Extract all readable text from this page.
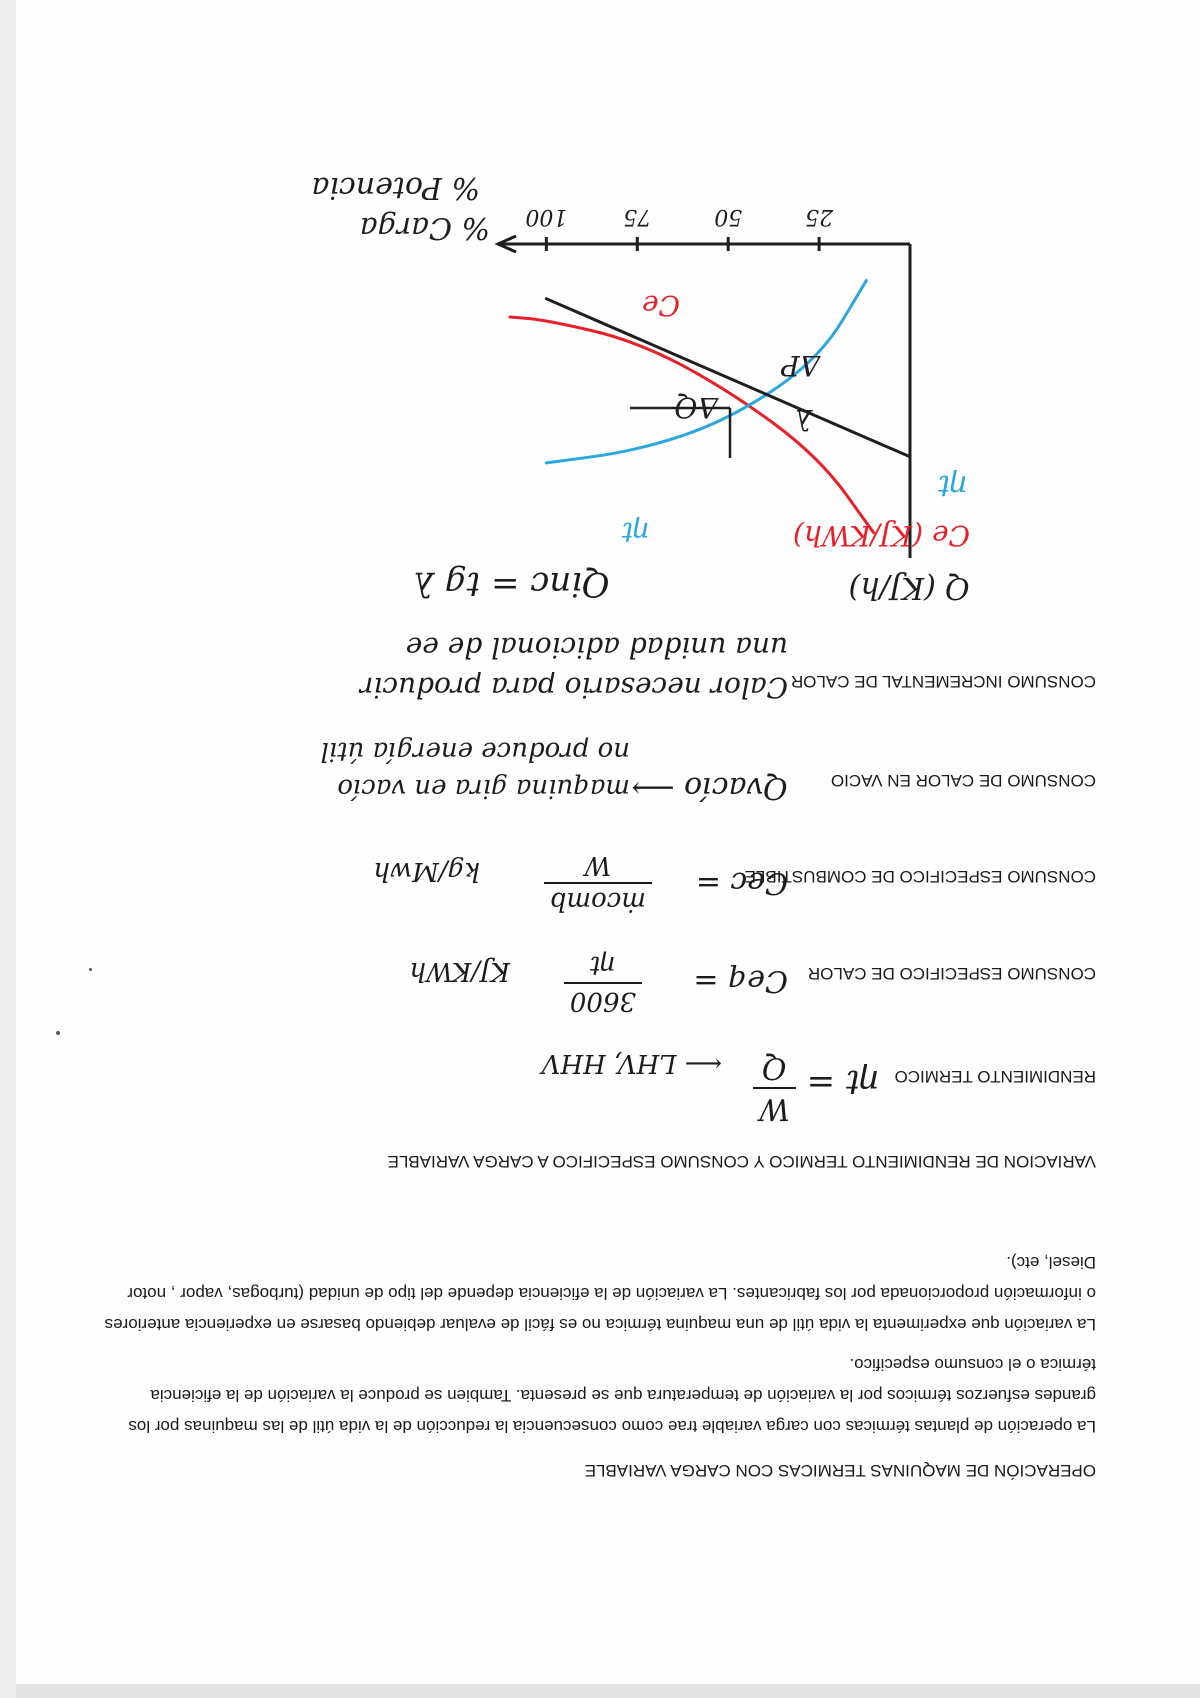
OPERACIÓN DE MAQUINAS TERMICAS CON CARGA VARIABLE
La operación de plantas térmicas con carga variable trae como consecuencia la reducción de la vida útil de las maquinas por los grandes esfuerzos térmicos por la variación de temperatura que se presenta. Tambien se produce la variación de la eficiencia térmica o el consumo especifico.
La variación que experimenta la vida útil de una maquina térmica no es fácil de evaluar debiendo basarse en experiencia anteriores o información proporcionada por los fabricantes. La variación de la eficiencia depende del tipo de unidad (turbogas, vapor , notor Diesel, etc).
VARIACION DE RENDIMIENTO TERMICO Y CONSUMO ESPECIFICO A CARGA VARIABLE
RENDIMIENTO TERMICO
ηt =
W
Q
⟵ LHV, HHV
CONSUMO ESPECIFICO DE CALOR
Ceq =
3600
ηt
KJ/KWh
CONSUMO ESPECIFICO DE COMBUSTIBLE
Cec =
ṁcomb
W
kg/Mwh
CONSUMO DE CALOR EN VACIO
Qvacío ⟶
maquina gira en vacío
no produce energía útil
CONSUMO INCREMENTAL DE CALOR
Calor necesario para producir
una unidad adicional de ee
Qinc = tg λ
25
50
75
100
% Carga
% Potencia
Q (KJ/h)
ΔQ
ΔP
λ
ηt
Ce
Ce (KJ/KWh)
ηt
